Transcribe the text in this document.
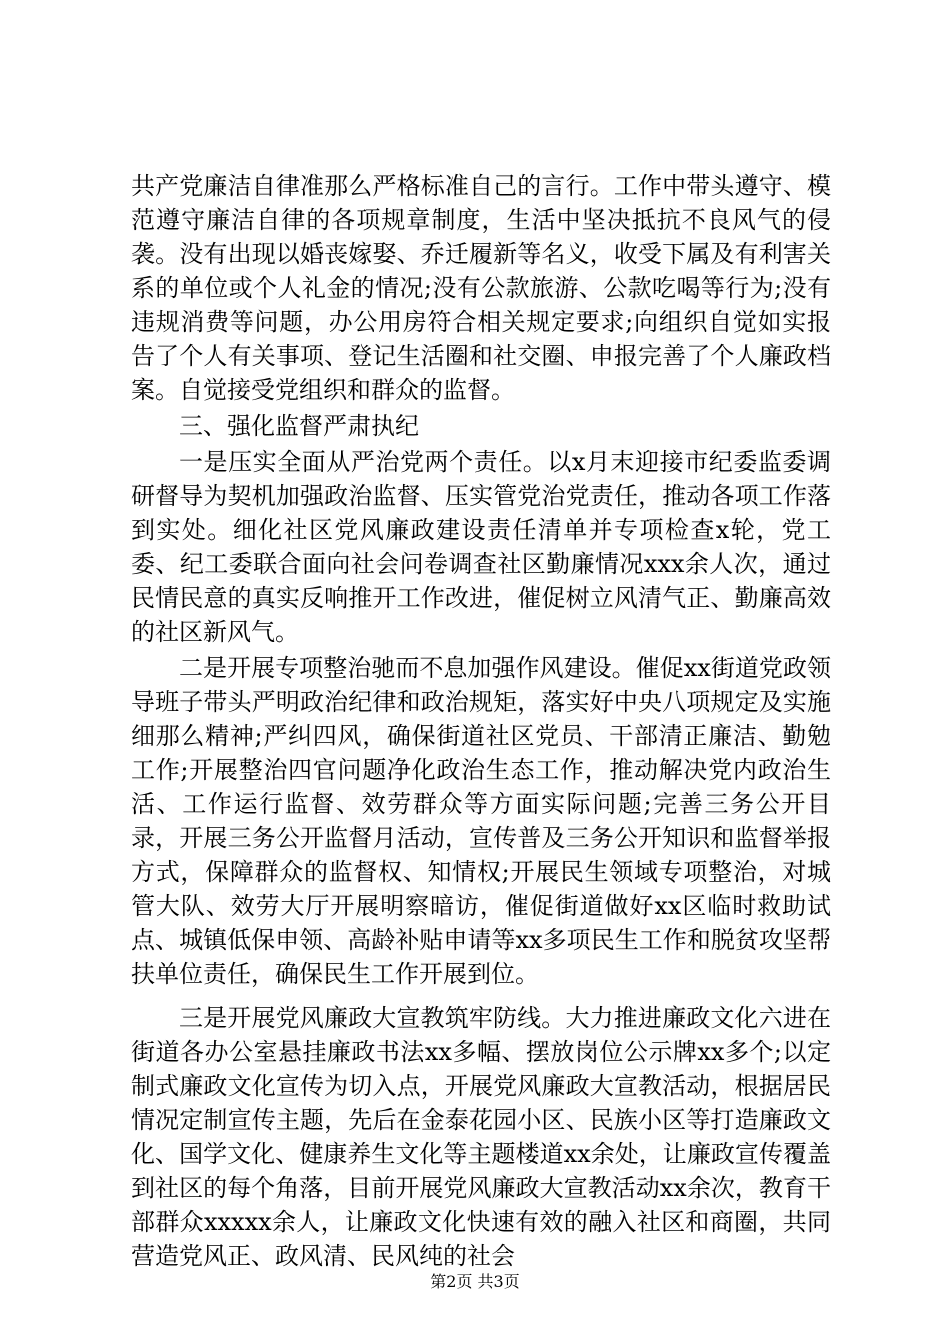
共产党廉洁自律准那么严格标准自己的言行。工作中带头遵守、模范遵守廉洁自律的各项规章制度，生活中坚决抵抗不良风气的侵袭。没有出现以婚丧嫁娶、乔迁履新等名义，收受下属及有利害关系的单位或个人礼金的情况;没有公款旅游、公款吃喝等行为;没有违规消费等问题，办公用房符合相关规定要求;向组织自觉如实报告了个人有关事项、登记生活圈和社交圈、申报完善了个人廉政档案。自觉接受党组织和群众的监督。

三、强化监督严肃执纪

一是压实全面从严治党两个责任。以x月末迎接市纪委监委调研督导为契机加强政治监督、压实管党治党责任，推动各项工作落到实处。细化社区党风廉政建设责任清单并专项检查x轮，党工委、纪工委联合面向社会问卷调查社区勤廉情况xxx余人次，通过民情民意的真实反响推开工作改进，催促树立风清气正、勤廉高效的社区新风气。

二是开展专项整治驰而不息加强作风建设。催促xx街道党政领导班子带头严明政治纪律和政治规矩，落实好中央八项规定及实施细那么精神;严纠四风，确保街道社区党员、干部清正廉洁、勤勉工作;开展整治四官问题净化政治生态工作，推动解决党内政治生活、工作运行监督、效劳群众等方面实际问题;完善三务公开目录，开展三务公开监督月活动，宣传普及三务公开知识和监督举报方式，保障群众的监督权、知情权;开展民生领域专项整治，对城管大队、效劳大厅开展明察暗访，催促街道做好xx区临时救助试点、城镇低保申领、高龄补贴申请等xx多项民生工作和脱贫攻坚帮扶单位责任，确保民生工作开展到位。

三是开展党风廉政大宣教筑牢防线。大力推进廉政文化六进在街道各办公室悬挂廉政书法xx多幅、摆放岗位公示牌xx多个;以定制式廉政文化宣传为切入点，开展党风廉政大宣教活动，根据居民情况定制宣传主题，先后在金泰花园小区、民族小区等打造廉政文化、国学文化、健康养生文化等主题楼道xx余处，让廉政宣传覆盖到社区的每个角落，目前开展党风廉政大宣教活动xx余次，教育干部群众xxxxx余人，让廉政文化快速有效的融入社区和商圈，共同营造党风正、政风清、民风纯的社会

第2页 共3页
